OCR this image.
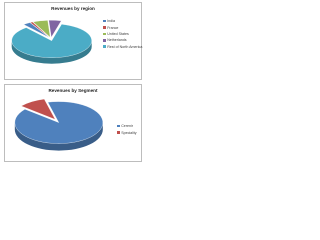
Revenues by region
India
France
United States
Netherlands
Rest of North America
Revenues by Segment
Cerenir
Speciality
